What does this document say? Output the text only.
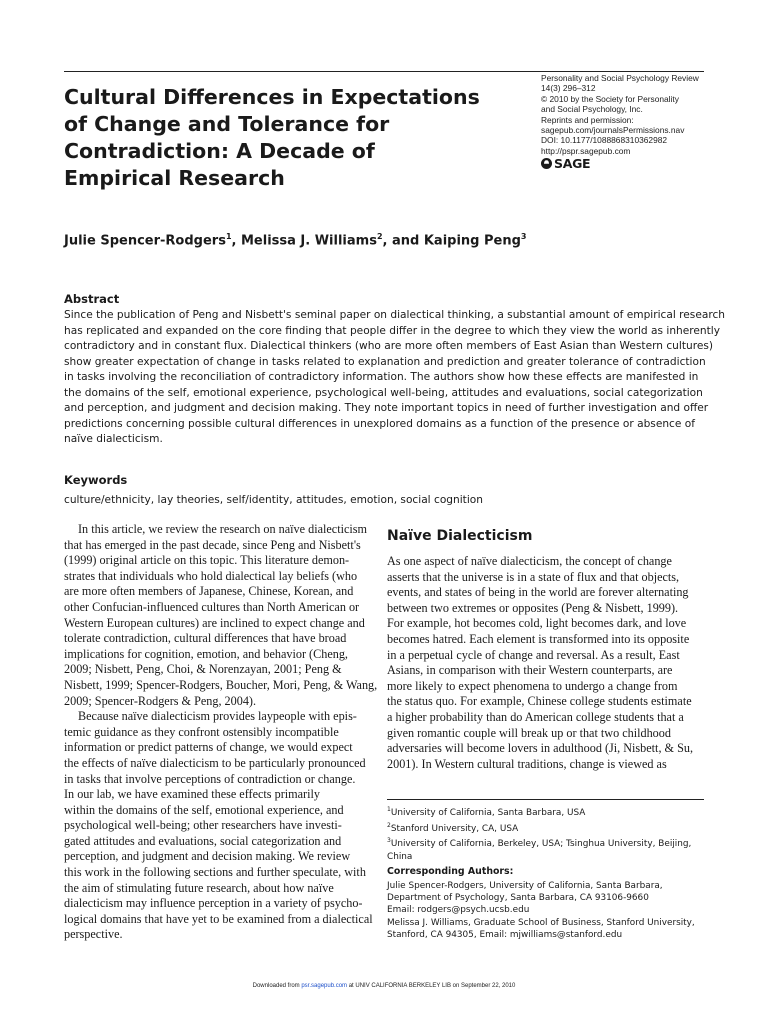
Cultural Differences in Expectations
of Change and Tolerance for
Contradiction: A Decade of
Empirical Research
Personality and Social Psychology Review
14(3) 296–312
© 2010 by the Society for Personality
and Social Psychology, Inc.
Reprints and permission:
sagepub.com/journalsPermissions.nav
DOI: 10.1177/1088868310362982
http://pspr.sagepub.com
SAGE
Julie Spencer-Rodgers$^1$, Melissa J. Williams$^2$, and Kaiping Peng$^3$
Abstract
Since the publication of Peng and Nisbett's seminal paper on dialectical thinking, a substantial amount of empirical research
has replicated and expanded on the core finding that people differ in the degree to which they view the world as inherently
contradictory and in constant flux. Dialectical thinkers (who are more often members of East Asian than Western cultures)
show greater expectation of change in tasks related to explanation and prediction and greater tolerance of contradiction
in tasks involving the reconciliation of contradictory information. The authors show how these effects are manifested in
the domains of the self, emotional experience, psychological well-being, attitudes and evaluations, social categorization
and perception, and judgment and decision making. They note important topics in need of further investigation and offer
predictions concerning possible cultural differences in unexplored domains as a function of the presence or absence of
naïve dialecticism.
Keywords
culture/ethnicity, lay theories, self/identity, attitudes, emotion, social cognition
In this article, we review the research on naïve dialecticism
that has emerged in the past decade, since Peng and Nisbett's
(1999) original article on this topic. This literature demon-
strates that individuals who hold dialectical lay beliefs (who
are more often members of Japanese, Chinese, Korean, and
other Confucian-influenced cultures than North American or
Western European cultures) are inclined to expect change and
tolerate contradiction, cultural differences that have broad
implications for cognition, emotion, and behavior (Cheng,
2009; Nisbett, Peng, Choi, & Norenzayan, 2001; Peng &
Nisbett, 1999; Spencer-Rodgers, Boucher, Mori, Peng, & Wang,
2009; Spencer-Rodgers & Peng, 2004).
Because naïve dialecticism provides laypeople with epis-
temic guidance as they confront ostensibly incompatible
information or predict patterns of change, we would expect
the effects of naïve dialecticism to be particularly pronounced
in tasks that involve perceptions of contradiction or change.
In our lab, we have examined these effects primarily
within the domains of the self, emotional experience, and
psychological well-being; other researchers have investi-
gated attitudes and evaluations, social categorization and
perception, and judgment and decision making. We review
this work in the following sections and further speculate, with
the aim of stimulating future research, about how naïve
dialecticism may influence perception in a variety of psycho-
logical domains that have yet to be examined from a dialectical
perspective.
Naïve Dialecticism
As one aspect of naïve dialecticism, the concept of change
asserts that the universe is in a state of flux and that objects,
events, and states of being in the world are forever alternating
between two extremes or opposites (Peng & Nisbett, 1999).
For example, hot becomes cold, light becomes dark, and love
becomes hatred. Each element is transformed into its opposite
in a perpetual cycle of change and reversal. As a result, East
Asians, in comparison with their Western counterparts, are
more likely to expect phenomena to undergo a change from
the status quo. For example, Chinese college students estimate
a higher probability than do American college students that a
given romantic couple will break up or that two childhood
adversaries will become lovers in adulthood (Ji, Nisbett, & Su,
2001). In Western cultural traditions, change is viewed as
$^1$University of California, Santa Barbara, USA
$^2$Stanford University, CA, USA
$^3$University of California, Berkeley, USA; Tsinghua University, Beijing,
China
Corresponding Authors:
Julie Spencer-Rodgers, University of California, Santa Barbara,
Department of Psychology, Santa Barbara, CA 93106-9660
Email: rodgers@psych.ucsb.edu
Melissa J. Williams, Graduate School of Business, Stanford University,
Stanford, CA 94305, Email: mjwilliams@stanford.edu
Downloaded from psr.sagepub.com at UNIV CALIFORNIA BERKELEY LIB on September 22, 2010
